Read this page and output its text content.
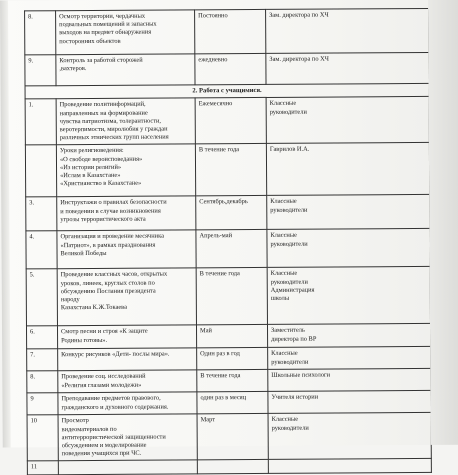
8.	Осмотр территории, чердачных
подвальных помещений и запасных
выходов на предмет обнаружения
посторонних объектов	Постоянно	Зам. директора по ХЧ

9.	Контроль за работой сторожей
,вахтеров.	ежедневно	Зам. директора по ХЧ

2. Работа с учащимися.			
1.	Проведение политинформаций,
направленных на формирование
чувства патриотизма, толерантности,
веротерпимости, миролюбия у граждан
различных этнических групп населения	Ежемесячно	Классные
руководители

	Уроки религиоведения:
«О свободе вероисповедания»
«Из истории религий»
«Ислам в Казахстане»
«Христианство в Казахстане»	В течение года	Гаврилов И.А.

3.	Инструктажи о правилах безопасности
и поведении в случае возникновения
угрозы террористического акта	Сентябрь,декабрь	Классные
руководители

4.	Организация и проведение месячника
«Патриот», в рамках празднования
Великой Победы	Апрель-май	Классные
руководители

5.	Проведение классных часов, открытых
уроков, линеек, круглых столов по
обсуждению Послания президента
народу
Казахстана К.Ж.Токаева	В течение года	Классные
руководители
Администрация
школы

6.	Смотр песни и строя «К защите
Родины готовы».	Май	Заместитель
директора по ВР

7.	Конкурс рисунков «Дети- послы мира».	Один раз в год	Классные
руководители

8.	Проведение соц. исследований
«Религия глазами молодежи»	В течение года	Школьные психологи

9	Преподавание предметов правового,
гражданского и духовного содержания.	один раз в месяц	Учителя истории

10	Просмотр
видеоматериалов по
антитеррористической защищенности
обсуждением и моделирование
поведения учащихся при ЧС.	Март	Классные
руководители

11			
